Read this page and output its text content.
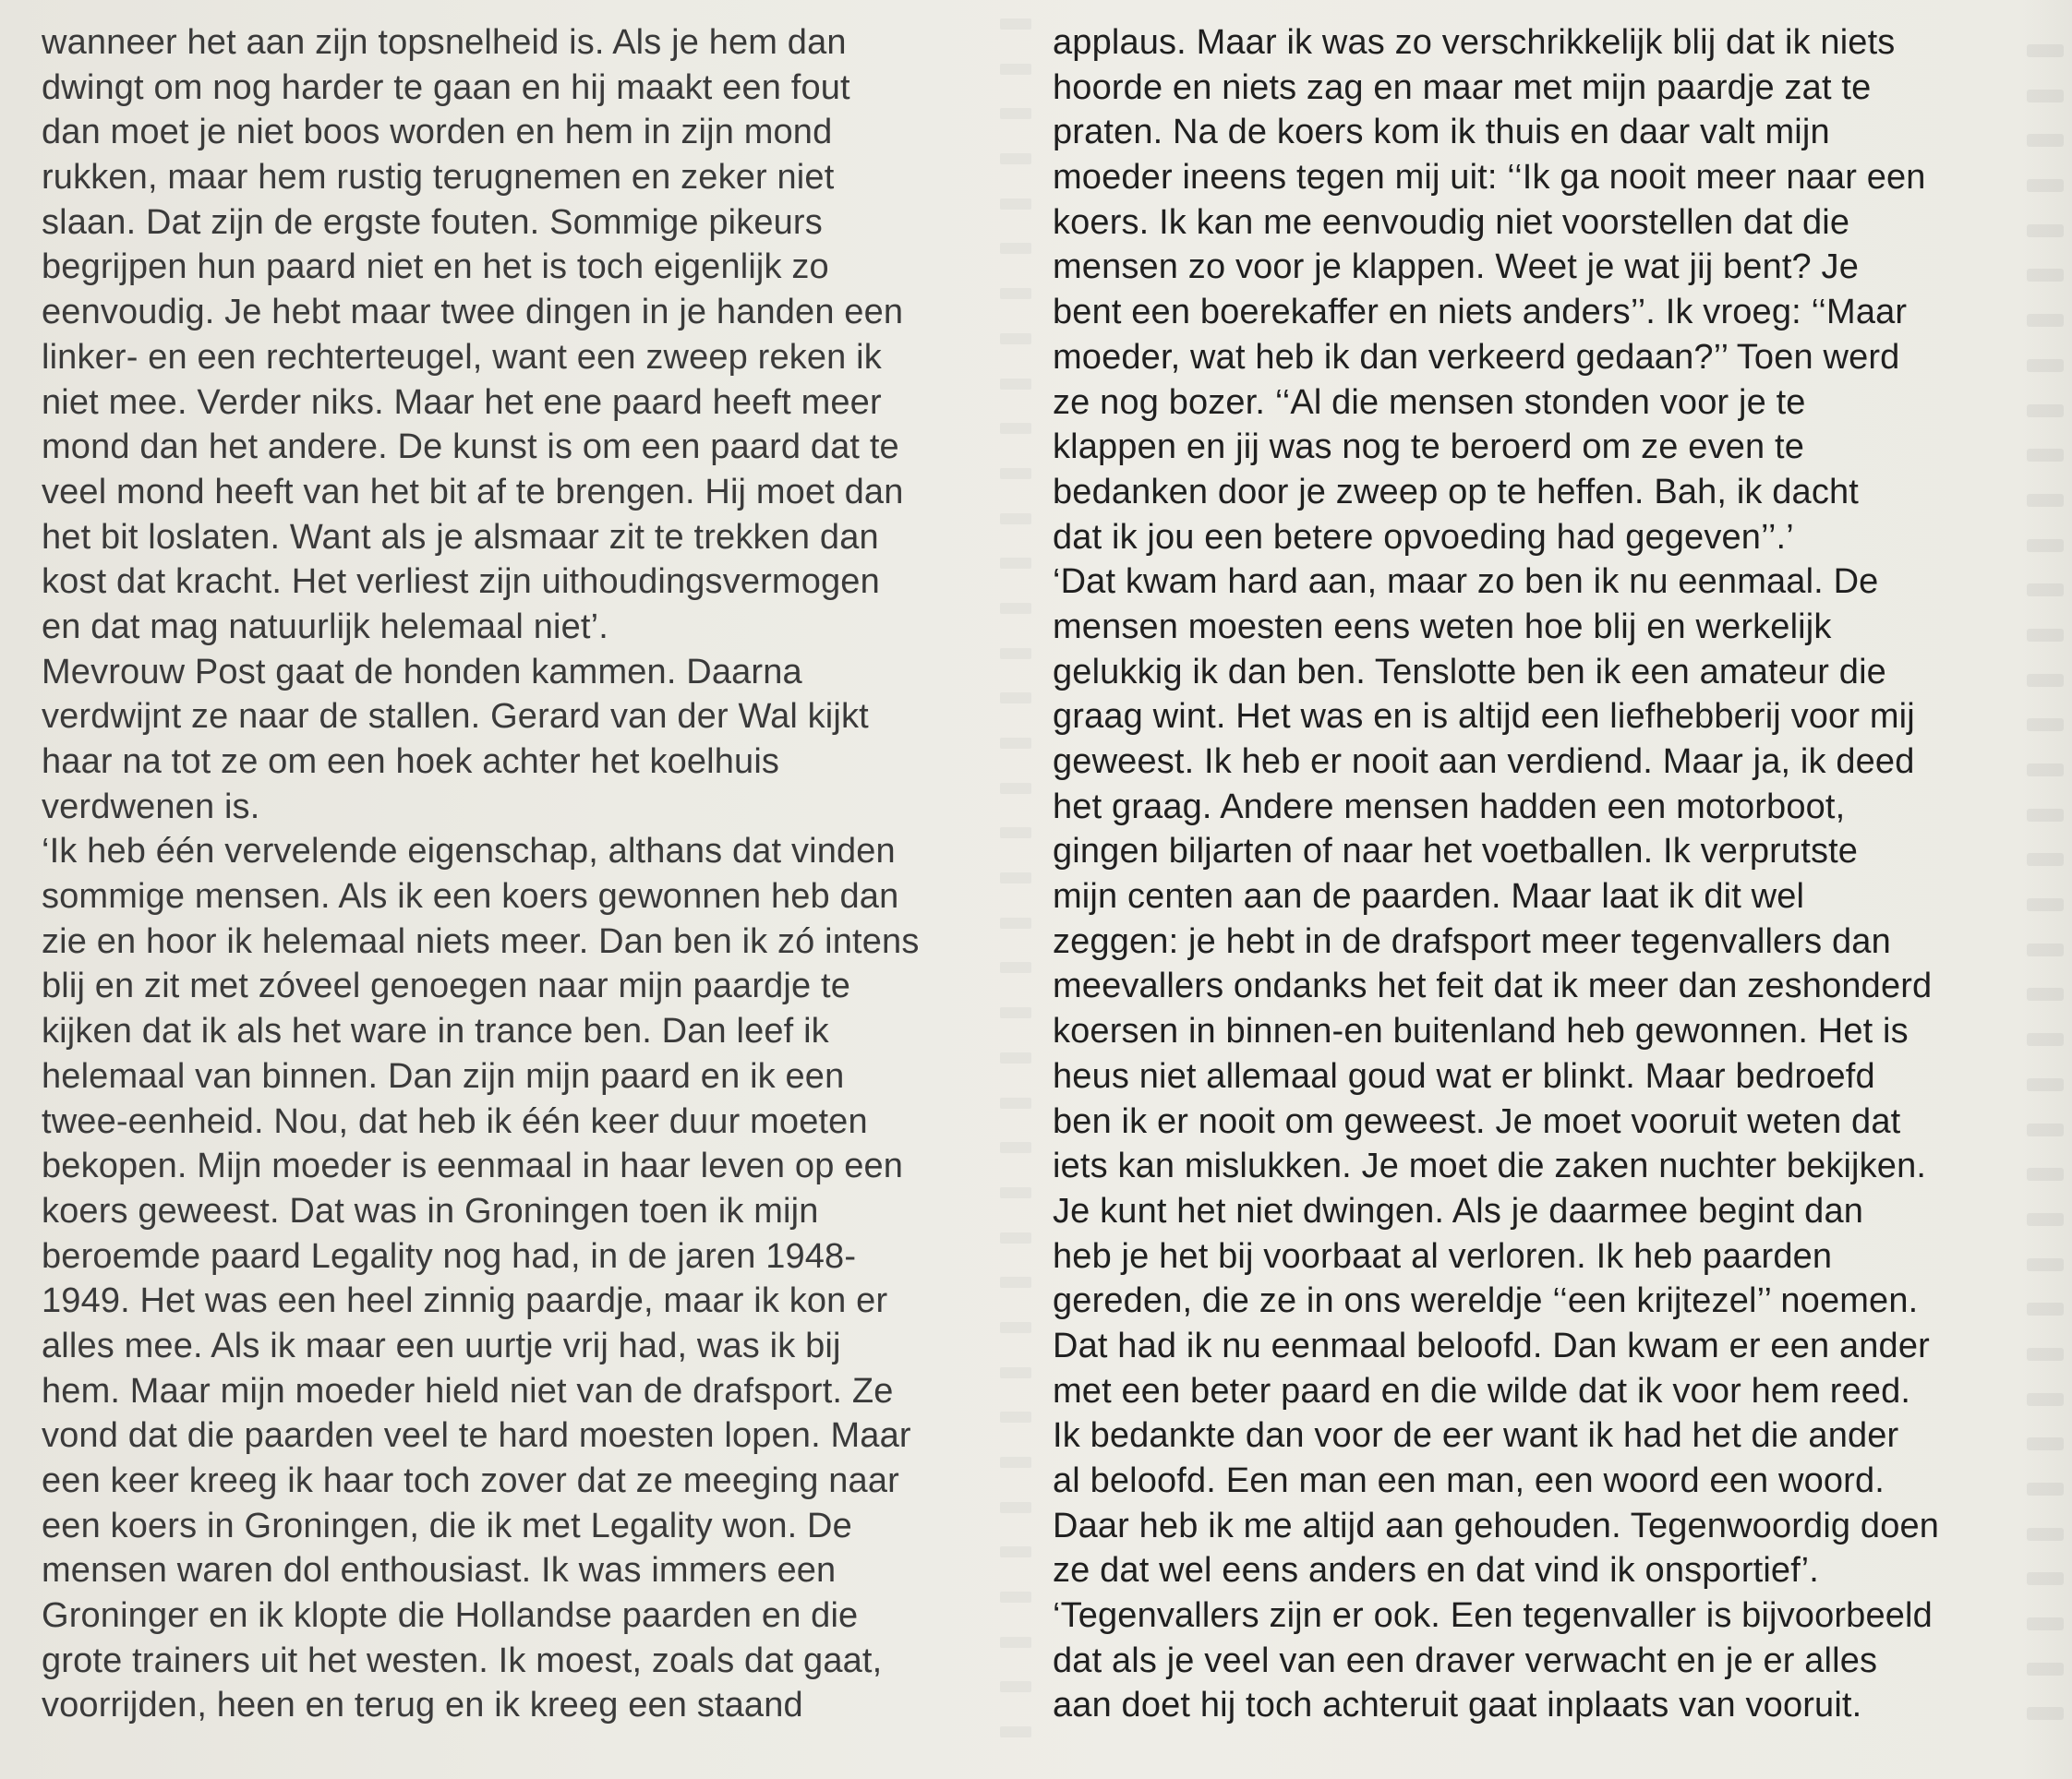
wanneer het aan zijn topsnelheid is. Als je hem dan
dwingt om nog harder te gaan en hij maakt een fout
dan moet je niet boos worden en hem in zijn mond
rukken, maar hem rustig terugnemen en zeker niet
slaan. Dat zijn de ergste fouten. Sommige pikeurs
begrijpen hun paard niet en het is toch eigenlijk zo
eenvoudig. Je hebt maar twee dingen in je handen een
linker- en een rechterteugel, want een zweep reken ik
niet mee. Verder niks. Maar het ene paard heeft meer
mond dan het andere. De kunst is om een paard dat te
veel mond heeft van het bit af te brengen. Hij moet dan
het bit loslaten. Want als je alsmaar zit te trekken dan
kost dat kracht. Het verliest zijn uithoudingsvermogen
en dat mag natuurlijk helemaal niet’.
Mevrouw Post gaat de honden kammen. Daarna
verdwijnt ze naar de stallen. Gerard van der Wal kijkt
haar na tot ze om een hoek achter het koelhuis
verdwenen is.
‘Ik heb één vervelende eigenschap, althans dat vinden
sommige mensen. Als ik een koers gewonnen heb dan
zie en hoor ik helemaal niets meer. Dan ben ik zó intens
blij en zit met zóveel genoegen naar mijn paardje te
kijken dat ik als het ware in trance ben. Dan leef ik
helemaal van binnen. Dan zijn mijn paard en ik een
twee-eenheid. Nou, dat heb ik één keer duur moeten
bekopen. Mijn moeder is eenmaal in haar leven op een
koers geweest. Dat was in Groningen toen ik mijn
beroemde paard Legality nog had, in de jaren 1948-
1949. Het was een heel zinnig paardje, maar ik kon er
alles mee. Als ik maar een uurtje vrij had, was ik bij
hem. Maar mijn moeder hield niet van de drafsport. Ze
vond dat die paarden veel te hard moesten lopen. Maar
een keer kreeg ik haar toch zover dat ze meeging naar
een koers in Groningen, die ik met Legality won. De
mensen waren dol enthousiast. Ik was immers een
Groninger en ik klopte die Hollandse paarden en die
grote trainers uit het westen. Ik moest, zoals dat gaat,
voorrijden, heen en terug en ik kreeg een staand
applaus. Maar ik was zo verschrikkelijk blij dat ik niets
hoorde en niets zag en maar met mijn paardje zat te
praten. Na de koers kom ik thuis en daar valt mijn
moeder ineens tegen mij uit: ‘‘Ik ga nooit meer naar een
koers. Ik kan me eenvoudig niet voorstellen dat die
mensen zo voor je klappen. Weet je wat jij bent? Je
bent een boerekaffer en niets anders’’. Ik vroeg: ‘‘Maar
moeder, wat heb ik dan verkeerd gedaan?’’ Toen werd
ze nog bozer. ‘‘Al die mensen stonden voor je te
klappen en jij was nog te beroerd om ze even te
bedanken door je zweep op te heffen. Bah, ik dacht
dat ik jou een betere opvoeding had gegeven’’.’
‘Dat kwam hard aan, maar zo ben ik nu eenmaal. De
mensen moesten eens weten hoe blij en werkelijk
gelukkig ik dan ben. Tenslotte ben ik een amateur die
graag wint. Het was en is altijd een liefhebberij voor mij
geweest. Ik heb er nooit aan verdiend. Maar ja, ik deed
het graag. Andere mensen hadden een motorboot,
gingen biljarten of naar het voetballen. Ik verprutste
mijn centen aan de paarden. Maar laat ik dit wel
zeggen: je hebt in de drafsport meer tegenvallers dan
meevallers ondanks het feit dat ik meer dan zeshonderd
koersen in binnen-en buitenland heb gewonnen. Het is
heus niet allemaal goud wat er blinkt. Maar bedroefd
ben ik er nooit om geweest. Je moet vooruit weten dat
iets kan mislukken. Je moet die zaken nuchter bekijken.
Je kunt het niet dwingen. Als je daarmee begint dan
heb je het bij voorbaat al verloren. Ik heb paarden
gereden, die ze in ons wereldje ‘‘een krijtezel’’ noemen.
Dat had ik nu eenmaal beloofd. Dan kwam er een ander
met een beter paard en die wilde dat ik voor hem reed.
Ik bedankte dan voor de eer want ik had het die ander
al beloofd. Een man een man, een woord een woord.
Daar heb ik me altijd aan gehouden. Tegenwoordig doen
ze dat wel eens anders en dat vind ik onsportief’.
‘Tegenvallers zijn er ook. Een tegenvaller is bijvoorbeeld
dat als je veel van een draver verwacht en je er alles
aan doet hij toch achteruit gaat inplaats van vooruit.
